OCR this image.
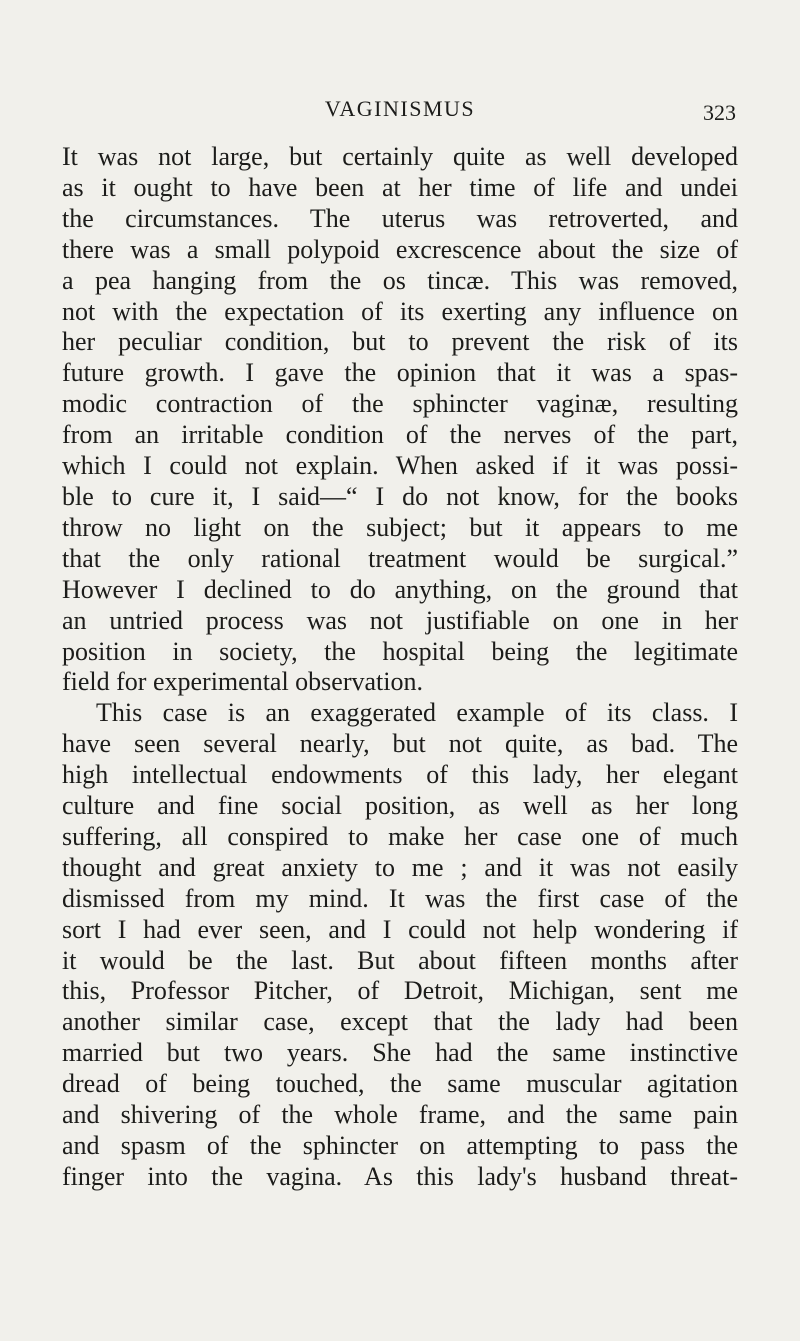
VAGINISMUS	323
It was not large, but certainly quite as well developed
as it ought to have been at her time of life and undei
the circumstances. The uterus was retroverted, and
there was a small polypoid excrescence about the size of
a pea hanging from the os tincæ. This was removed,
not with the expectation of its exerting any influence on
her peculiar condition, but to prevent the risk of its
future growth. I gave the opinion that it was a spas-
modic contraction of the sphincter vaginæ, resulting
from an irritable condition of the nerves of the part,
which I could not explain. When asked if it was possi-
ble to cure it, I said—“ I do not know, for the books
throw no light on the subject; but it appears to me
that the only rational treatment would be surgical.”
However I declined to do anything, on the ground that
an untried process was not justifiable on one in her
position in society, the hospital being the legitimate
field for experimental observation.
This case is an exaggerated example of its class. I
have seen several nearly, but not quite, as bad. The
high intellectual endowments of this lady, her elegant
culture and fine social position, as well as her long
suffering, all conspired to make her case one of much
thought and great anxiety to me ; and it was not easily
dismissed from my mind. It was the first case of the
sort I had ever seen, and I could not help wondering if
it would be the last. But about fifteen months after
this, Professor Pitcher, of Detroit, Michigan, sent me
another similar case, except that the lady had been
married but two years. She had the same instinctive
dread of being touched, the same muscular agitation
and shivering of the whole frame, and the same pain
and spasm of the sphincter on attempting to pass the
finger into the vagina. As this lady's husband threat-
